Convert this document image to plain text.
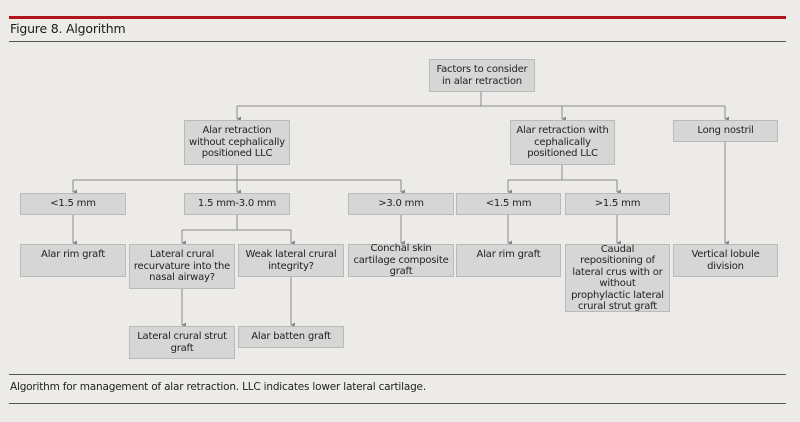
Figure 8. Algorithm
Factors to consider in alar retraction
Alar retraction without cephalically positioned LLC
Alar retraction with cephalically positioned LLC
Long nostril
<1.5 mm	1.5 mm-3.0 mm	>3.0 mm	<1.5 mm	>1.5 mm
Alar rim graft	Lateral crural recurvature into the nasal airway?
Weak lateral crural integrity?
Conchal skin cartilage composite graft
Alar rim graft	Caudal repositioning of lateral crus with or without prophylactic lateral crural strut graft
Vertical lobule division
Lateral crural strut graft
Alar batten graft
Algorithm for management of alar retraction. LLC indicates lower lateral cartilage.
